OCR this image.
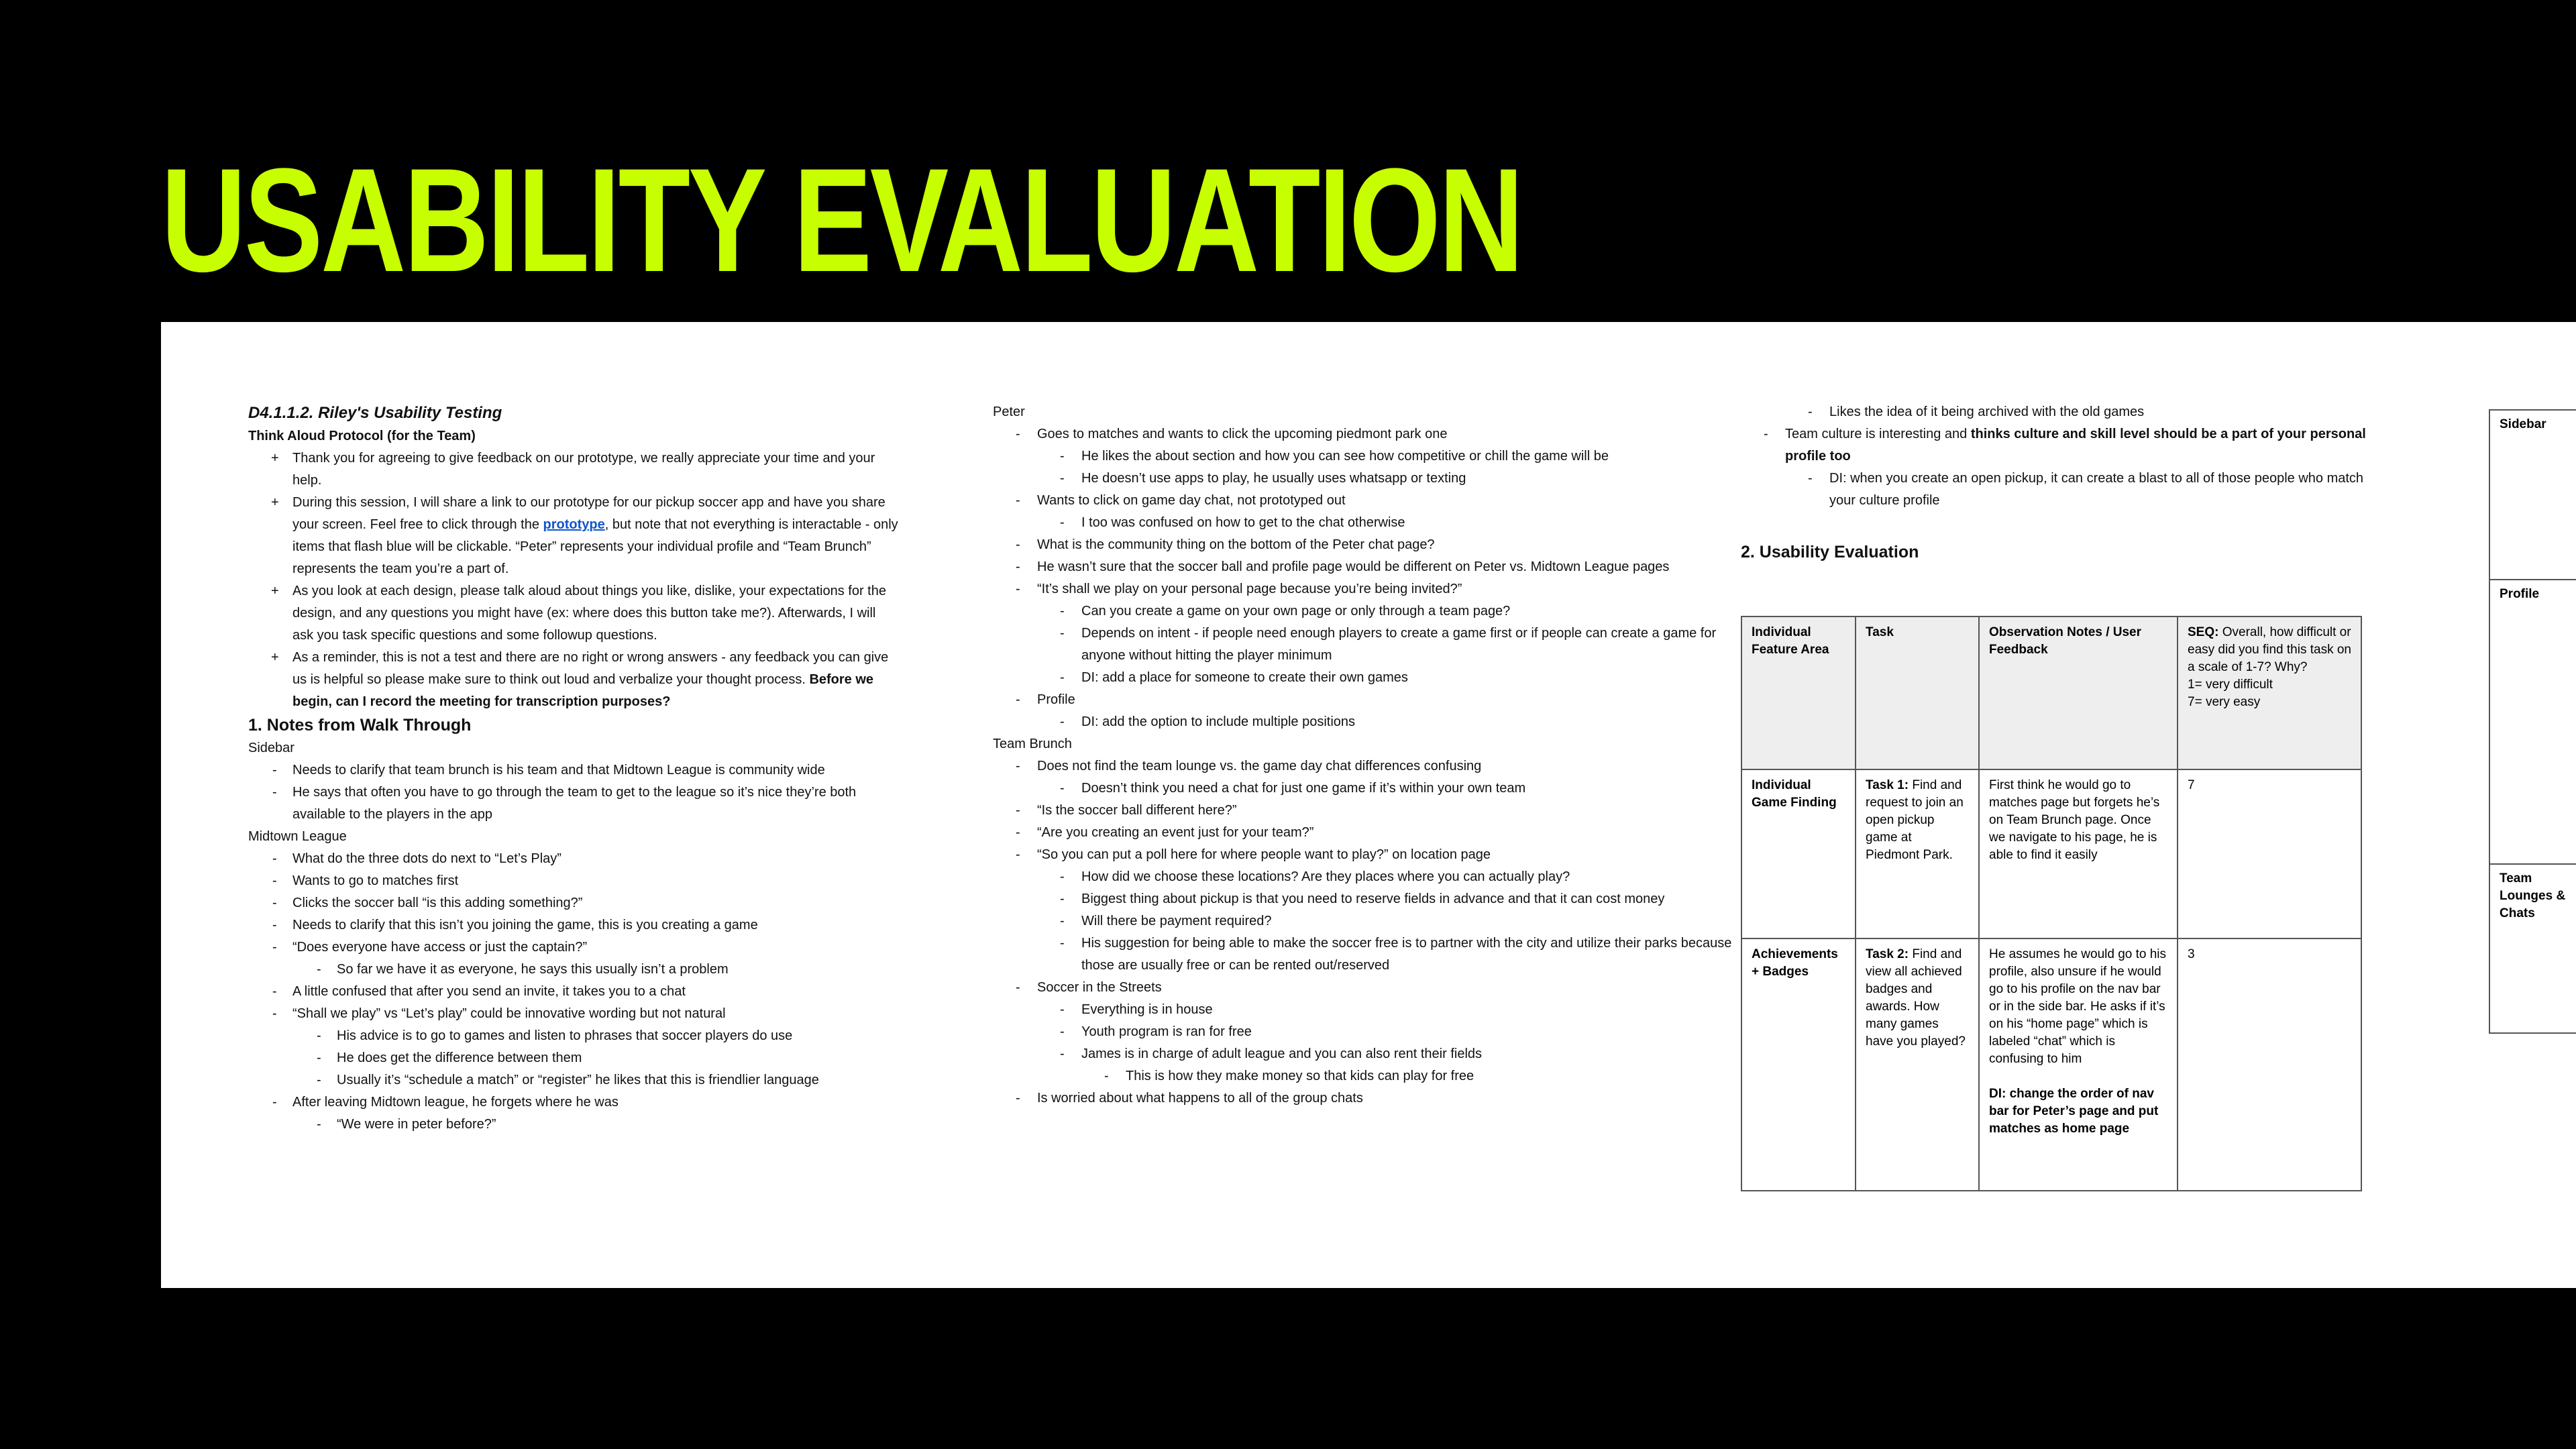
USABILITY EVALUATION

D4.1.1.2. Riley's Usability Testing

Think Aloud Protocol (for the Team)

+ Thank you for agreeing to give feedback on our prototype, we really appreciate your time and your help.
+ During this session, I will share a link to our prototype for our pickup soccer app and have you share your screen. Feel free to click through the prototype, but note that not everything is interactable - only items that flash blue will be clickable. “Peter” represents your individual profile and “Team Brunch” represents the team you’re a part of.
+ As you look at each design, please talk aloud about things you like, dislike, your expectations for the design, and any questions you might have (ex: where does this button take me?). Afterwards, I will ask you task specific questions and some followup questions.
+ As a reminder, this is not a test and there are no right or wrong answers - any feedback you can give us is helpful so please make sure to think out loud and verbalize your thought process. Before we begin, can I record the meeting for transcription purposes?

1. Notes from Walk Through

Sidebar

- Needs to clarify that team brunch is his team and that Midtown League is community wide
- He says that often you have to go through the team to get to the league so it’s nice they’re both available to the players in the app

Midtown League

- What do the three dots do next to “Let’s Play”
- Wants to go to matches first
- Clicks the soccer ball “is this adding something?”
- Needs to clarify that this isn’t you joining the game, this is you creating a game
- “Does everyone have access or just the captain?”
- So far we have it as everyone, he says this usually isn’t a problem
- A little confused that after you send an invite, it takes you to a chat
- “Shall we play” vs “Let’s play” could be innovative wording but not natural
- His advice is to go to games and listen to phrases that soccer players do use
- He does get the difference between them
- Usually it’s “schedule a match” or “register” he likes that this is friendlier language
- After leaving Midtown league, he forgets where he was
- “We were in peter before?”

Peter

- Goes to matches and wants to click the upcoming piedmont park one
- He likes the about section and how you can see how competitive or chill the game will be
- He doesn’t use apps to play, he usually uses whatsapp or texting
- Wants to click on game day chat, not prototyped out
- I too was confused on how to get to the chat otherwise
- What is the community thing on the bottom of the Peter chat page?
- He wasn’t sure that the soccer ball and profile page would be different on Peter vs. Midtown League pages
- “It’s shall we play on your personal page because you’re being invited?”
- Can you create a game on your own page or only through a team page?
- Depends on intent - if people need enough players to create a game first or if people can create a game for anyone without hitting the player minimum
- DI: add a place for someone to create their own games
- Profile
- DI: add the option to include multiple positions

Team Brunch

- Does not find the team lounge vs. the game day chat differences confusing
- Doesn’t think you need a chat for just one game if it’s within your own team
- “Is the soccer ball different here?”
- “Are you creating an event just for your team?”
- “So you can put a poll here for where people want to play?” on location page
- How did we choose these locations? Are they places where you can actually play?
- Biggest thing about pickup is that you need to reserve fields in advance and that it can cost money
- Will there be payment required?
- His suggestion for being able to make the soccer free is to partner with the city and utilize their parks because those are usually free or can be rented out/reserved
- Soccer in the Streets
- Everything is in house
- Youth program is ran for free
- James is in charge of adult league and you can also rent their fields
- This is how they make money so that kids can play for free
- Is worried about what happens to all of the group chats
- Likes the idea of it being archived with the old games
- Team culture is interesting and thinks culture and skill level should be a part of your personal profile too
- DI: when you create an open pickup, it can create a blast to all of those people who match your culture profile

2. Usability Evaluation

Individual Feature Area	Task	Observation Notes / User Feedback	SEQ: Overall, how difficult or easy did you find this task on a scale of 1-7? Why?
1= very difficult
7= very easy
Individual Game Finding	Task 1: Find and request to join an open pickup game at Piedmont Park.	First think he would go to matches page but forgets he’s on Team Brunch page. Once we navigate to his page, he is able to find it easily	7
Achievements + Badges	Task 2: Find and view all achieved badges and awards. How many games have you played?	He assumes he would go to his profile, also unsure if he would go to his profile on the nav bar or in the side bar. He asks if it’s on his “home page” which is labeled “chat” which is confusing to him

DI: change the order of nav bar for Peter’s page and put matches as home page	3
Sidebar
Profile
Team Lounges & Chats
